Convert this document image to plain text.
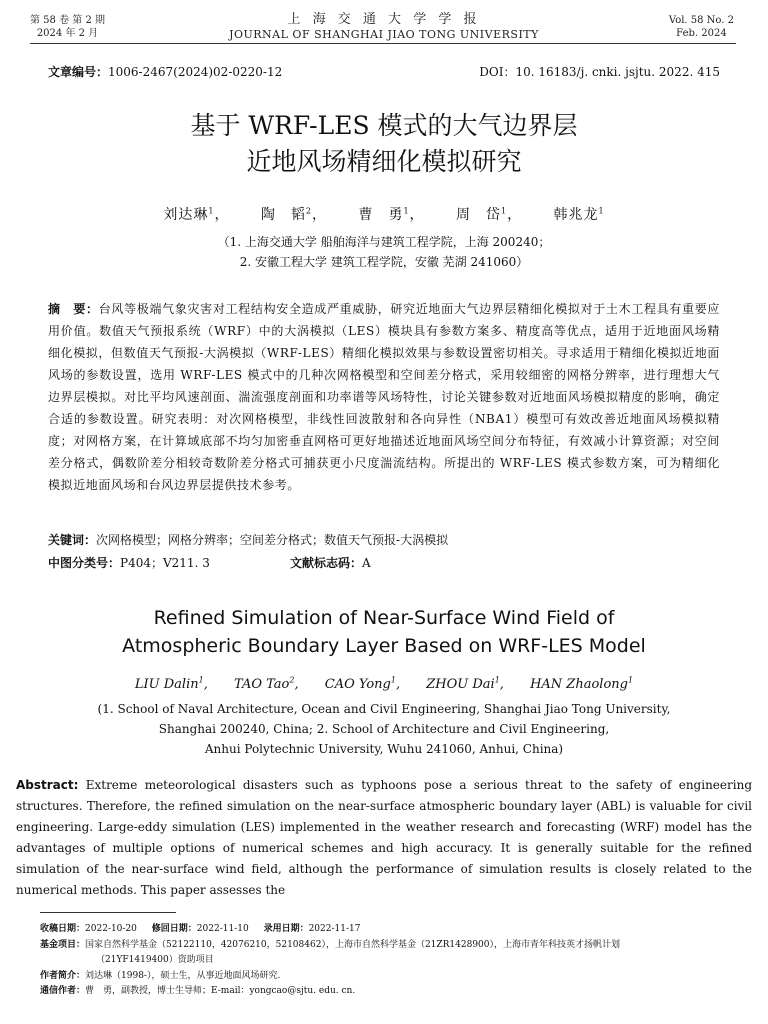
第 58 卷 第 2 期
2024 年 2 月
上 海 交 通 大 学 学 报
JOURNAL OF SHANGHAI JIAO TONG UNIVERSITY
Vol. 58 No. 2
Feb. 2024
文章编号：1006-2467(2024)02-0220-12	DOI：10. 16183/j. cnki. jsjtu. 2022. 415
基于 WRF-LES 模式的大气边界层
近地风场精细化模拟研究
刘达琳$^1$， 陶　韬$^2$， 曹　勇$^1$， 周　岱$^1$， 韩兆龙$^1$
（1. 上海交通大学 船舶海洋与建筑工程学院，上海 200240；
2. 安徽工程大学 建筑工程学院，安徽 芜湖 241060）
摘　要：台风等极端气象灾害对工程结构安全造成严重威胁，研究近地面大气边界层精细化模拟对于土木工程具有重要应用价值。数值天气预报系统（WRF）中的大涡模拟（LES）模块具有参数方案多、精度高等优点，适用于近地面风场精细化模拟，但数值天气预报-大涡模拟（WRF-LES）精细化模拟效果与参数设置密切相关。寻求适用于精细化模拟近地面风场的参数设置，选用 WRF-LES 模式中的几种次网格模型和空间差分格式，采用较细密的网格分辨率，进行理想大气边界层模拟。对比平均风速剖面、湍流强度剖面和功率谱等风场特性，讨论关键参数对近地面风场模拟精度的影响，确定合适的参数设置。研究表明：对次网格模型，非线性回波散射和各向异性（NBA1）模型可有效改善近地面风场模拟精度；对网格方案，在计算域底部不均匀加密垂直网格可更好地描述近地面风场空间分布特征，有效减小计算资源；对空间差分格式，偶数阶差分相较奇数阶差分格式可捕获更小尺度湍流结构。所提出的 WRF-LES 模式参数方案，可为精细化模拟近地面风场和台风边界层提供技术参考。
关键词：次网格模型；网格分辨率；空间差分格式；数值天气预报-大涡模拟
中图分类号：P404；V211. 3	文献标志码：A
Refined Simulation of Near-Surface Wind Field of
Atmospheric Boundary Layer Based on WRF-LES Model
LIU Dalin$^1$, TAO Tao$^2$, CAO Yong$^1$, ZHOU Dai$^1$, HAN Zhaolong$^1$
(1. School of Naval Architecture, Ocean and Civil Engineering, Shanghai Jiao Tong University,
Shanghai 200240, China; 2. School of Architecture and Civil Engineering,
Anhui Polytechnic University, Wuhu 241060, Anhui, China)
Abstract: Extreme meteorological disasters such as typhoons pose a serious threat to the safety of engineering structures. Therefore, the refined simulation on the near-surface atmospheric boundary layer (ABL) is valuable for civil engineering. Large-eddy simulation (LES) implemented in the weather research and forecasting (WRF) model has the advantages of multiple options of numerical schemes and high accuracy. It is generally suitable for the refined simulation of the near-surface wind field, although the performance of simulation results is closely related to the numerical methods. This paper assesses the
收稿日期：2022-10-20 修回日期：2022-11-10 录用日期：2022-11-17
基金项目：国家自然科学基金（52122110，42076210，52108462），上海市自然科学基金（21ZR1428900），上海市青年科技英才扬帆计划
（21YF1419400）资助项目
作者简介：刘达琳（1998-），硕士生，从事近地面风场研究.
通信作者：曹　勇，副教授，博士生导师；E-mail：yongcao@sjtu. edu. cn.
